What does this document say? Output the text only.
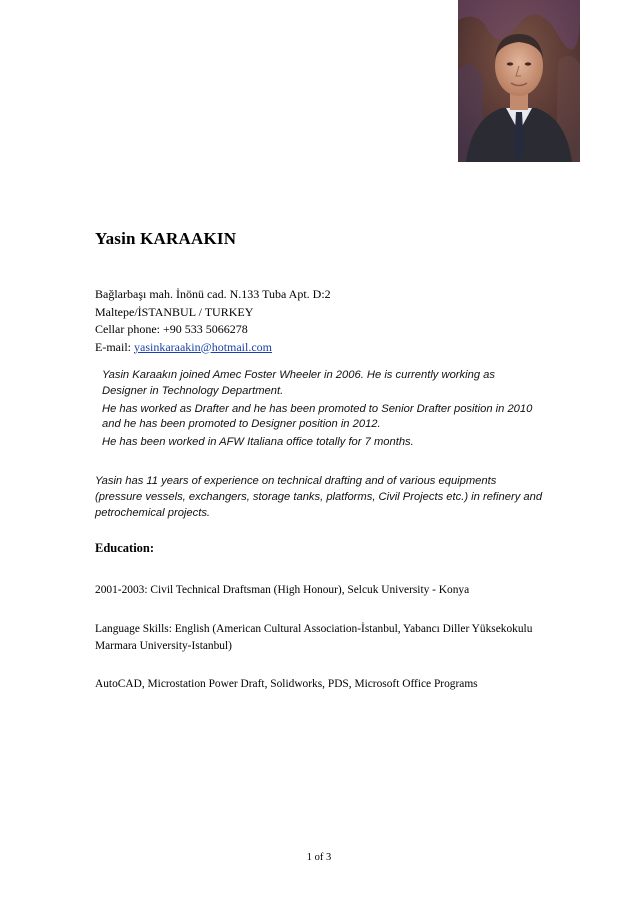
Yasin KARAAKIN
Bağlarbaşı mah. İnönü cad. N.133 Tuba Apt. D:2
Maltepe/İSTANBUL / TURKEY
Cellar phone: +90 533 5066278
E-mail: yasinkaraakin@hotmail.com

Yasin Karaakın joined Amec Foster Wheeler in 2006. He is currently working as Designer in Technology Department.

He has worked as Drafter and he has been promoted to Senior Drafter position in 2010 and he has been promoted to Designer position in 2012.

He has been worked in AFW Italiana office totally for 7 months.

Yasin has 11 years of experience on technical drafting and of various equipments (pressure vessels, exchangers, storage tanks, platforms, Civil Projects etc.) in refinery and petrochemical projects.

Education:
2001-2003: Civil Technical Draftsman (High Honour), Selcuk University - Konya
Language Skills: English (American Cultural Association-İstanbul, Yabancı Diller Yüksekokulu Marmara University-Istanbul)
AutoCAD, Microstation Power Draft, Solidworks, PDS, Microsoft Office Programs
1 of 3
